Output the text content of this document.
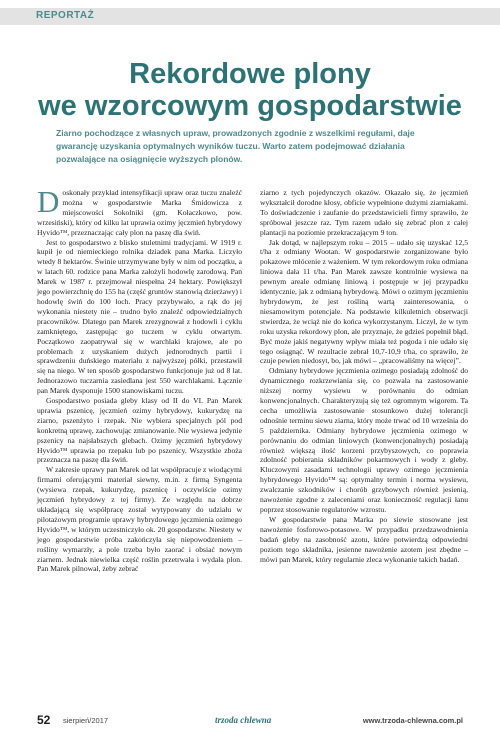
REPORTAŻ
Rekordowe plony
we wzorcowym gospodarstwie
Ziarno pochodzące z własnych upraw, prowadzonych zgodnie z wszelkimi regułami, daje
gwarancję uzyskania optymalnych wyników tuczu. Warto zatem podejmować działania
pozwalające na osiągnięcie wyższych plonów.

Doskonały przykład intensyfikacji upraw oraz tuczu znaleźć można w gospodarstwie Marka Śmidowicza z miejscowości Sokolniki (gm. Kołaczkowo, pow. wrzesiński), który od kilku lat uprawia ozimy jęczmień hybrydowy Hyvido™, przeznaczając cały plon na paszę dla świń.

Jest to gospodarstwo z blisko stuletnimi tradycjami. W 1919 r. kupił je od niemieckiego rolnika dziadek pana Marka. Liczyło wtedy 8 hektarów. Świnie utrzymywane były w nim od początku, a w latach 60. rodzice pana Marka założyli hodowlę zarodową. Pan Marek w 1987 r. przejmował niespełna 24 hektary. Powiększył jego powierzchnię do 155 ha (część gruntów stanowią dzierżawy) i hodowlę świń do 100 loch. Pracy przybywało, a rąk do jej wykonania niestety nie – trudno było znaleźć odpowiedzialnych pracowników. Dlatego pan Marek zrezygnował z hodowli i cyklu zamkniętego, zastępując go tuczem w cyklu otwartym. Początkowo zaopatrywał się w warchlaki krajowe, ale po problemach z uzyskaniem dużych jednorodnych partii i sprawdzeniu duńskiego materiału z najwyższej półki, przestawił się na niego. W ten sposób gospodarstwo funkcjonuje już od 8 lat. Jednorazowo tuczarnia zasiedlana jest 550 warchlakami. Łącznie pan Marek dysponuje 1500 stanowiskami tuczu.

Gospodarstwo posiada gleby klasy od II do VI. Pan Marek uprawia pszenicę, jęczmień ozimy hybrydowy, kukurydzę na ziarno, pszenżyto i rzepak. Nie wybiera specjalnych pól pod konkretną uprawę, zachowując zmianowanie. Nie wysiewa jedynie pszenicy na najsłabszych glebach. Ozimy jęczmień hybrydowy Hyvido™ uprawia po rzepaku lub po pszenicy. Wszystkie zboża przeznacza na paszę dla świń.

W zakresie uprawy pan Marek od lat współpracuje z wiodącymi firmami oferującymi materiał siewny, m.in. z firmą Syngenta (wysiewa rzepak, kukurydzę, pszenicę i oczywiście ozimy jęczmień hybrydowy z tej firmy). Ze względu na dobrze układającą się współpracę został wytypowany do udziału w pilotażowym programie uprawy hybrydowego jęczmienia ozimego Hyvido™, w którym uczestniczyło ok. 20 gospodarstw. Niestety w jego gospodarstwie próba zakończyła się niepowodzeniem – rośliny wymarzły, a pole trzeba było zaorać i obsiać nowym ziarnem. Jednak niewielka część roślin przetrwała i wydała plon. Pan Marek pilnował, żeby zebrać

ziarno z tych pojedynczych okazów. Okazało się, że jęczmień wykształcił dorodne kłosy, obficie wypełnione dużymi ziarniakami. To doświadczenie i zaufanie do przedstawicieli firmy sprawiło, że spróbował jeszcze raz. Tym razem udało się zebrać plon z całej plantacji na poziomie przekraczającym 9 ton.

Jak dotąd, w najlepszym roku – 2015 – udało się uzyskać 12,5 t/ha z odmiany Wootan. W gospodarstwie zorganizowane było pokazowe młócenie z ważeniem. W tym rekordowym roku odmiana liniowa dała 11 t/ha. Pan Marek zawsze kontrolnie wysiewa na pewnym areale odmianę liniową i postępuje w jej przypadku identycznie, jak z odmianą hybrydową. Mówi o ozimym jęczmieniu hybrydowym, że jest rośliną wartą zainteresowania, o niesamowitym potencjale. Na podstawie kilkuletnich obserwacji stwierdza, że wciąż nie do końca wykorzystanym. Liczył, że w tym roku uzyska rekordowy plon, ale przyznaje, że gdzieś popełnił błąd. Być może jakiś negatywny wpływ miała też pogoda i nie udało się tego osiągnąć. W rezultacie zebrał 10,7-10,9 t/ha, co sprawiło, że czuje pewien niedosyt, bo, jak mówi – „pracowaliśmy na więcej”.

Odmiany hybrydowe jęczmienia ozimego posiadają zdolność do dynamicznego rozkrzewiania się, co pozwala na zastosowanie niższej normy wysiewu w porównaniu do odmian konwencjonalnych. Charakteryzują się też ogromnym wigorem. Ta cecha umożliwia zastosowanie stosunkowo dużej tolerancji odnośnie terminu siewu ziarna, który może trwać od 10 września do 5 października. Odmiany hybrydowe jęczmienia ozimego w porównaniu do odmian liniowych (konwencjonalnych) posiadają również większą ilość korzeni przybyszowych, co poprawia zdolność pobierania składników pokarmowych i wody z gleby. Kluczowymi zasadami technologii uprawy ozimego jęczmienia hybrydowego Hyvido™ są: optymalny termin i norma wysiewu, zwalczanie szkodników i chorób grzybowych również jesienią, nawożenie zgodne z zaleceniami oraz konieczność regulacji łanu poprzez stosowanie regulatorów wzrostu.

W gospodarstwie pana Marka po siewie stosowane jest nawożenie fosforowo-potasowe. W przypadku przedzawodnienia badań gleby na zasobność azotu, które potwierdzą odpowiedni poziom tego składnika, jesienne nawożenie azotem jest zbędne – mówi pan Marek, który regularnie zleca wykonanie takich badań.

52 sierpień/2017	trzoda chlewna	www.trzoda-chlewna.com.pl
